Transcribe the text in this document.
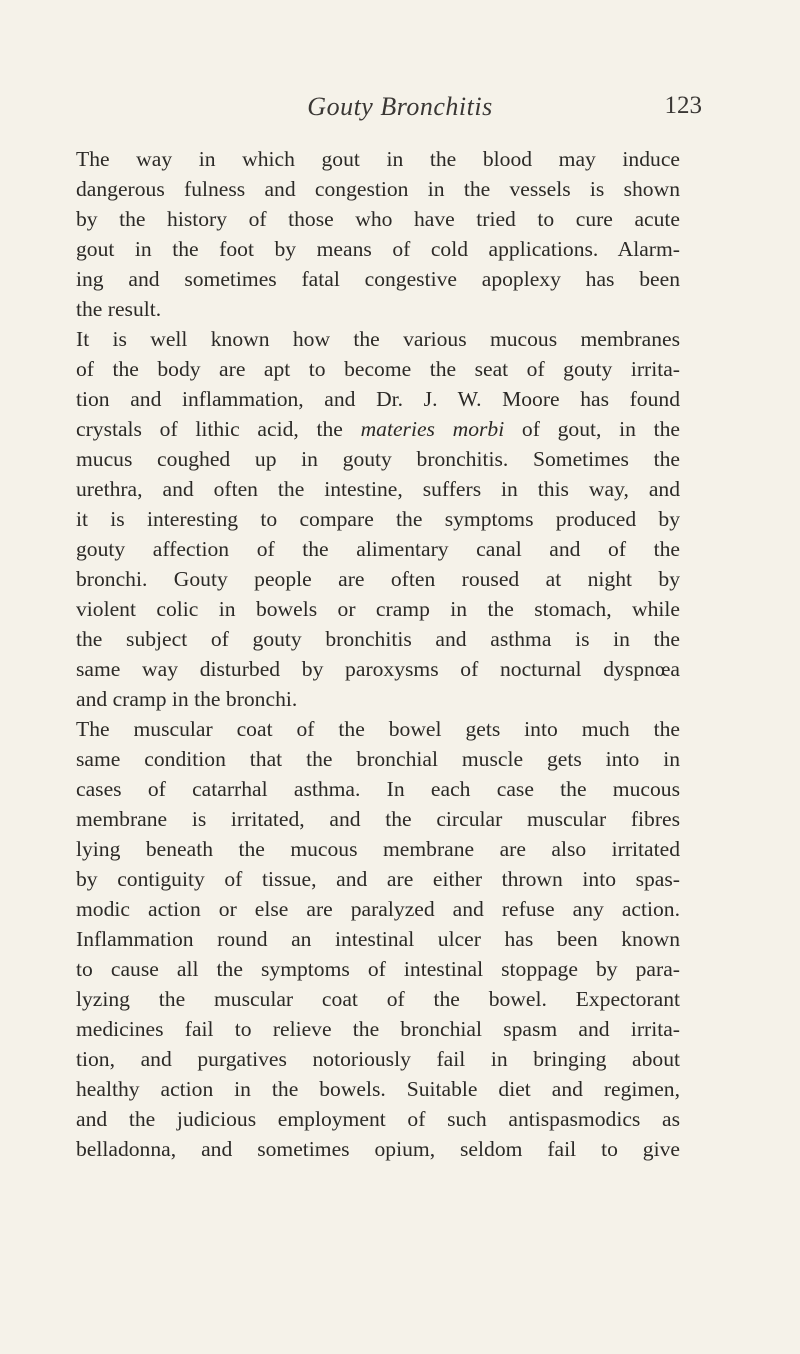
Gouty Bronchitis	123

The way in which gout in the blood may induce
dangerous fulness and congestion in the vessels is shown
by the history of those who have tried to cure acute
gout in the foot by means of cold applications. Alarm-
ing and sometimes fatal congestive apoplexy has been
the result.

It is well known how the various mucous membranes
of the body are apt to become the seat of gouty irrita-
tion and inflammation, and Dr. J. W. Moore has found
crystals of lithic acid, the materies morbi of gout, in the
mucus coughed up in gouty bronchitis. Sometimes the
urethra, and often the intestine, suffers in this way, and
it is interesting to compare the symptoms produced by
gouty affection of the alimentary canal and of the
bronchi. Gouty people are often roused at night by
violent colic in bowels or cramp in the stomach, while
the subject of gouty bronchitis and asthma is in the
same way disturbed by paroxysms of nocturnal dyspnœa
and cramp in the bronchi.

The muscular coat of the bowel gets into much the
same condition that the bronchial muscle gets into in
cases of catarrhal asthma. In each case the mucous
membrane is irritated, and the circular muscular fibres
lying beneath the mucous membrane are also irritated
by contiguity of tissue, and are either thrown into spas-
modic action or else are paralyzed and refuse any action.
Inflammation round an intestinal ulcer has been known
to cause all the symptoms of intestinal stoppage by para-
lyzing the muscular coat of the bowel. Expectorant
medicines fail to relieve the bronchial spasm and irrita-
tion, and purgatives notoriously fail in bringing about
healthy action in the bowels. Suitable diet and regimen,
and the judicious employment of such antispasmodics as
belladonna, and sometimes opium, seldom fail to give
